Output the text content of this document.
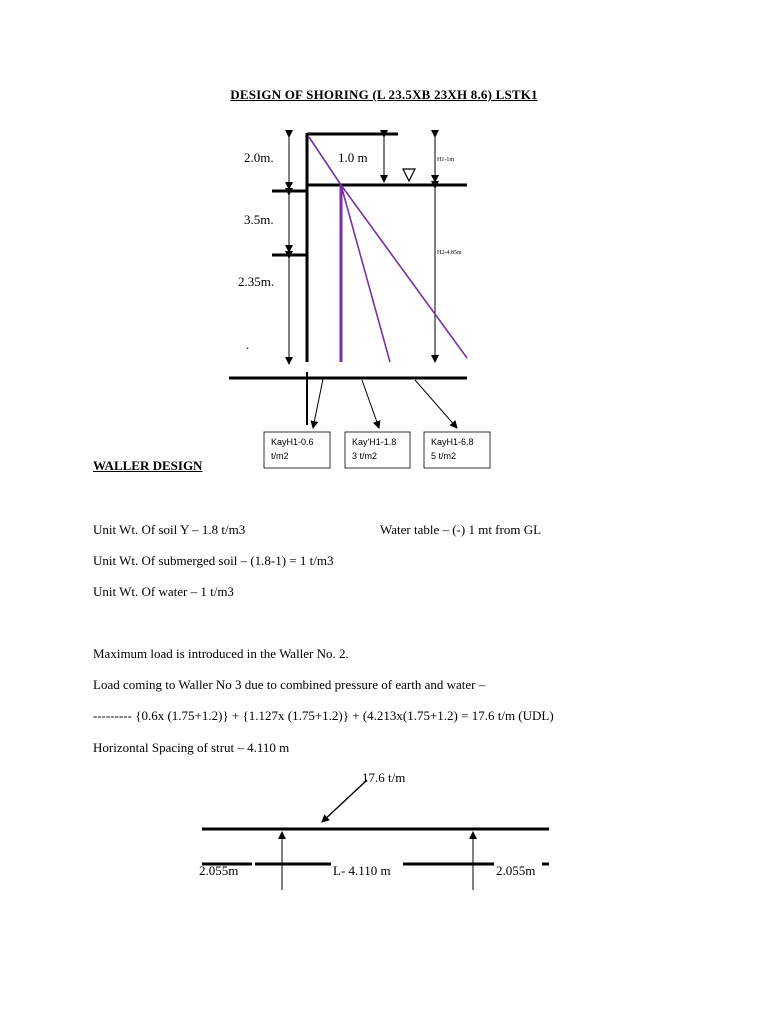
DESIGN OF SHORING (L 23.5XB 23XH 8.6) LSTK1
KayH1-0.6
t/m2
Kay'H1-1.8
3 t/m2
KayH1-6.8
5 t/m2
2.0m.
3.5m.
2.35m.
.
1.0 m	H1-1m
H2-4.85m
17.6 t/m
2.055m	L- 4.110 m	2.055m
WALLER DESIGN
Unit Wt. Of soil Y – 1.8 t/m3	Water table – (-) 1 mt from GL
Unit Wt. Of submerged soil – (1.8-1) = 1 t/m3
Unit Wt. Of water – 1 t/m3
Maximum load is introduced in the Waller No. 2.
Load coming to Waller No 3 due to combined pressure of earth and water –
--------- {0.6x (1.75+1.2)} + {1.127x (1.75+1.2)} + (4.213x(1.75+1.2) = 17.6 t/m (UDL)
Horizontal Spacing of strut – 4.110 m
